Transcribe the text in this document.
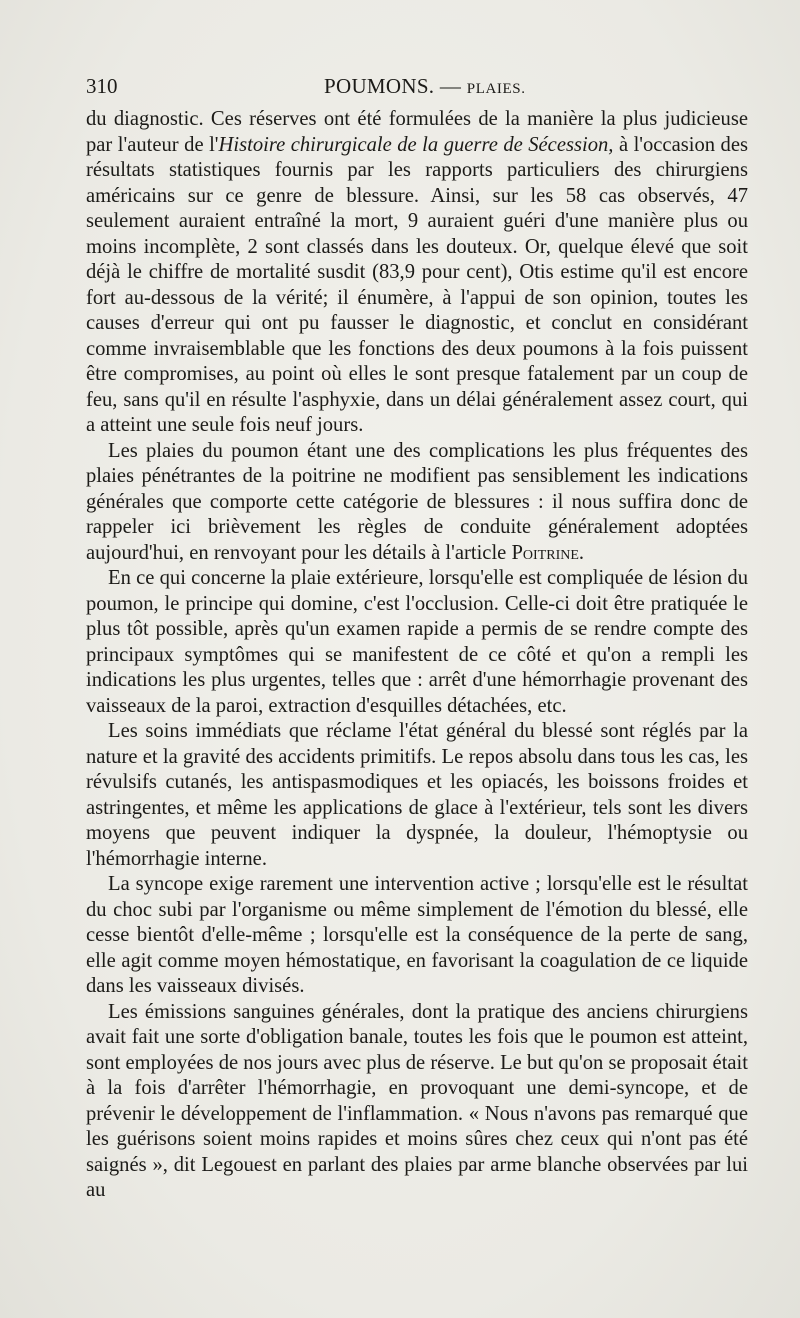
310	POUMONS. — PLAIES.

du diagnostic. Ces réserves ont été formulées de la manière la plus judicieuse par l'auteur de l'Histoire chirurgicale de la guerre de Sécession, à l'occasion des résultats statistiques fournis par les rapports particuliers des chirurgiens américains sur ce genre de blessure. Ainsi, sur les 58 cas observés, 47 seulement auraient entraîné la mort, 9 auraient guéri d'une manière plus ou moins incomplète, 2 sont classés dans les douteux. Or, quelque élevé que soit déjà le chiffre de mortalité susdit (83,9 pour cent), Otis estime qu'il est encore fort au-dessous de la vérité; il énumère, à l'appui de son opinion, toutes les causes d'erreur qui ont pu fausser le diagnostic, et conclut en considérant comme invraisemblable que les fonctions des deux poumons à la fois puissent être compromises, au point où elles le sont presque fatalement par un coup de feu, sans qu'il en résulte l'asphyxie, dans un délai généralement assez court, qui a atteint une seule fois neuf jours.

Les plaies du poumon étant une des complications les plus fréquentes des plaies pénétrantes de la poitrine ne modifient pas sensiblement les indications générales que comporte cette catégorie de blessures : il nous suffira donc de rappeler ici brièvement les règles de conduite généralement adoptées aujourd'hui, en renvoyant pour les détails à l'article Poitrine.

En ce qui concerne la plaie extérieure, lorsqu'elle est compliquée de lésion du poumon, le principe qui domine, c'est l'occlusion. Celle-ci doit être pratiquée le plus tôt possible, après qu'un examen rapide a permis de se rendre compte des principaux symptômes qui se manifestent de ce côté et qu'on a rempli les indications les plus urgentes, telles que : arrêt d'une hémorrhagie provenant des vaisseaux de la paroi, extraction d'esquilles détachées, etc.

Les soins immédiats que réclame l'état général du blessé sont réglés par la nature et la gravité des accidents primitifs. Le repos absolu dans tous les cas, les révulsifs cutanés, les antispasmodiques et les opiacés, les boissons froides et astringentes, et même les applications de glace à l'extérieur, tels sont les divers moyens que peuvent indiquer la dyspnée, la douleur, l'hémoptysie ou l'hémorrhagie interne.

La syncope exige rarement une intervention active ; lorsqu'elle est le résultat du choc subi par l'organisme ou même simplement de l'émotion du blessé, elle cesse bientôt d'elle-même ; lorsqu'elle est la conséquence de la perte de sang, elle agit comme moyen hémostatique, en favorisant la coagulation de ce liquide dans les vaisseaux divisés.

Les émissions sanguines générales, dont la pratique des anciens chirurgiens avait fait une sorte d'obligation banale, toutes les fois que le poumon est atteint, sont employées de nos jours avec plus de réserve. Le but qu'on se proposait était à la fois d'arrêter l'hémorrhagie, en provoquant une demi-syncope, et de prévenir le développement de l'inflammation. « Nous n'avons pas remarqué que les guérisons soient moins rapides et moins sûres chez ceux qui n'ont pas été saignés », dit Legouest en parlant des plaies par arme blanche observées par lui au
